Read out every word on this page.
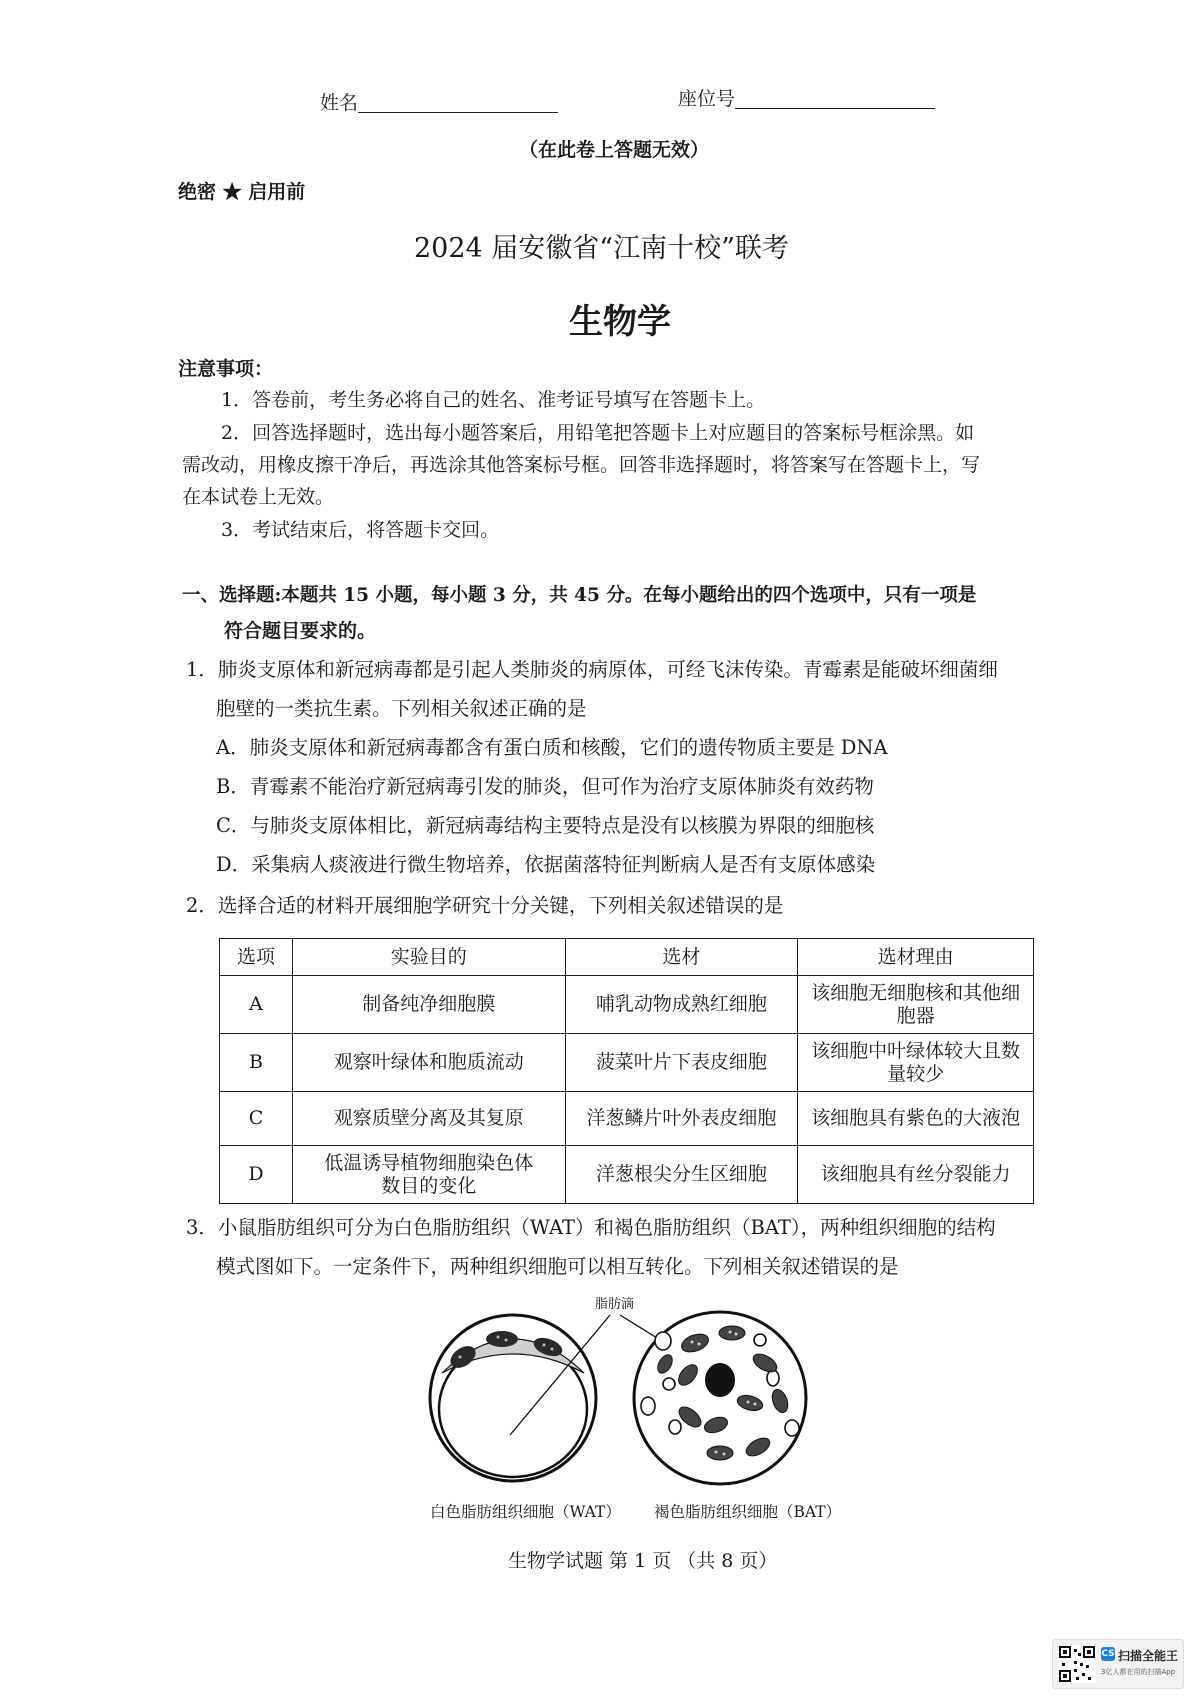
姓名	座位号
（在此卷上答题无效）
绝密 ★ 启用前
2024 届安徽省“江南十校”联考
生物学
注意事项：
1．答卷前，考生务必将自己的姓名、准考证号填写在答题卡上。
2．回答选择题时，选出每小题答案后，用铅笔把答题卡上对应题目的答案标号框涂黑。如
需改动，用橡皮擦干净后，再选涂其他答案标号框。回答非选择题时，将答案写在答题卡上，写
在本试卷上无效。
3．考试结束后，将答题卡交回。
一、选择题:本题共 15 小题，每小题 3 分，共 45 分。在每小题给出的四个选项中，只有一项是
符合题目要求的。
1．肺炎支原体和新冠病毒都是引起人类肺炎的病原体，可经飞沫传染。青霉素是能破坏细菌细
胞壁的一类抗生素。下列相关叙述正确的是
A．肺炎支原体和新冠病毒都含有蛋白质和核酸，它们的遗传物质主要是 DNA
B．青霉素不能治疗新冠病毒引发的肺炎，但可作为治疗支原体肺炎有效药物
C．与肺炎支原体相比，新冠病毒结构主要特点是没有以核膜为界限的细胞核
D．采集病人痰液进行微生物培养，依据菌落特征判断病人是否有支原体感染
2．选择合适的材料开展细胞学研究十分关键，下列相关叙述错误的是
选项	实验目的	选材	选材理由
A	制备纯净细胞膜	哺乳动物成熟红细胞	该细胞无细胞核和其他细
胞器
B	观察叶绿体和胞质流动	菠菜叶片下表皮细胞	该细胞中叶绿体较大且数
量较少
C	观察质壁分离及其复原	洋葱鳞片叶外表皮细胞	该细胞具有紫色的大液泡
D	低温诱导植物细胞染色体
数目的变化	洋葱根尖分生区细胞	该细胞具有丝分裂能力
3．小鼠脂肪组织可分为白色脂肪组织（WAT）和褐色脂肪组织（BAT），两种组织细胞的结构
模式图如下。一定条件下，两种组织细胞可以相互转化。下列相关叙述错误的是
脂肪滴
白色脂肪组织细胞（WAT） 褐色脂肪组织细胞（BAT）
生物学试题 第 1 页 （共 8 页）
CS 扫描全能王
3亿人都在用的扫描App
